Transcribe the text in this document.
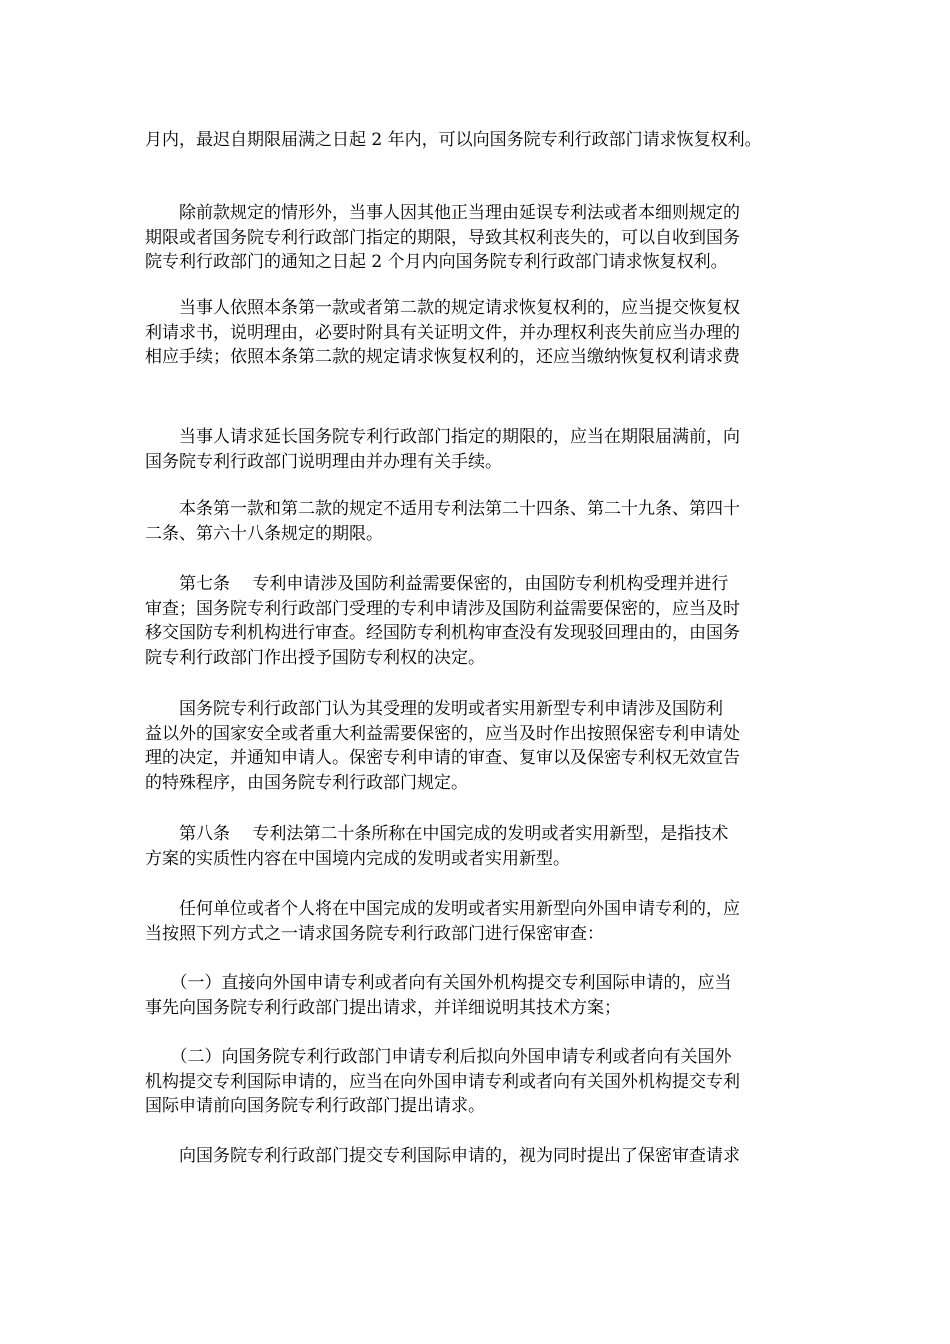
月内，最迟自期限届满之日起 2 年内，可以向国务院专利行政部门请求恢复权利。
　　除前款规定的情形外，当事人因其他正当理由延误专利法或者本细则规定的
期限或者国务院专利行政部门指定的期限，导致其权利丧失的，可以自收到国务
院专利行政部门的通知之日起 2 个月内向国务院专利行政部门请求恢复权利。
　　当事人依照本条第一款或者第二款的规定请求恢复权利的，应当提交恢复权
利请求书，说明理由，必要时附具有关证明文件，并办理权利丧失前应当办理的
相应手续；依照本条第二款的规定请求恢复权利的，还应当缴纳恢复权利请求费
　　当事人请求延长国务院专利行政部门指定的期限的，应当在期限届满前，向
国务院专利行政部门说明理由并办理有关手续。
　　本条第一款和第二款的规定不适用专利法第二十四条、第二十九条、第四十
二条、第六十八条规定的期限。
　　第七条　 专利申请涉及国防利益需要保密的，由国防专利机构受理并进行
审查；国务院专利行政部门受理的专利申请涉及国防利益需要保密的，应当及时
移交国防专利机构进行审查。经国防专利机构审查没有发现驳回理由的，由国务
院专利行政部门作出授予国防专利权的决定。
　　国务院专利行政部门认为其受理的发明或者实用新型专利申请涉及国防利
益以外的国家安全或者重大利益需要保密的，应当及时作出按照保密专利申请处
理的决定，并通知申请人。保密专利申请的审查、复审以及保密专利权无效宣告
的特殊程序，由国务院专利行政部门规定。
　　第八条　 专利法第二十条所称在中国完成的发明或者实用新型，是指技术
方案的实质性内容在中国境内完成的发明或者实用新型。
　　任何单位或者个人将在中国完成的发明或者实用新型向外国申请专利的，应
当按照下列方式之一请求国务院专利行政部门进行保密审查：
　　（一）直接向外国申请专利或者向有关国外机构提交专利国际申请的，应当
事先向国务院专利行政部门提出请求，并详细说明其技术方案；
　　（二）向国务院专利行政部门申请专利后拟向外国申请专利或者向有关国外
机构提交专利国际申请的，应当在向外国申请专利或者向有关国外机构提交专利
国际申请前向国务院专利行政部门提出请求。
　　向国务院专利行政部门提交专利国际申请的，视为同时提出了保密审查请求
